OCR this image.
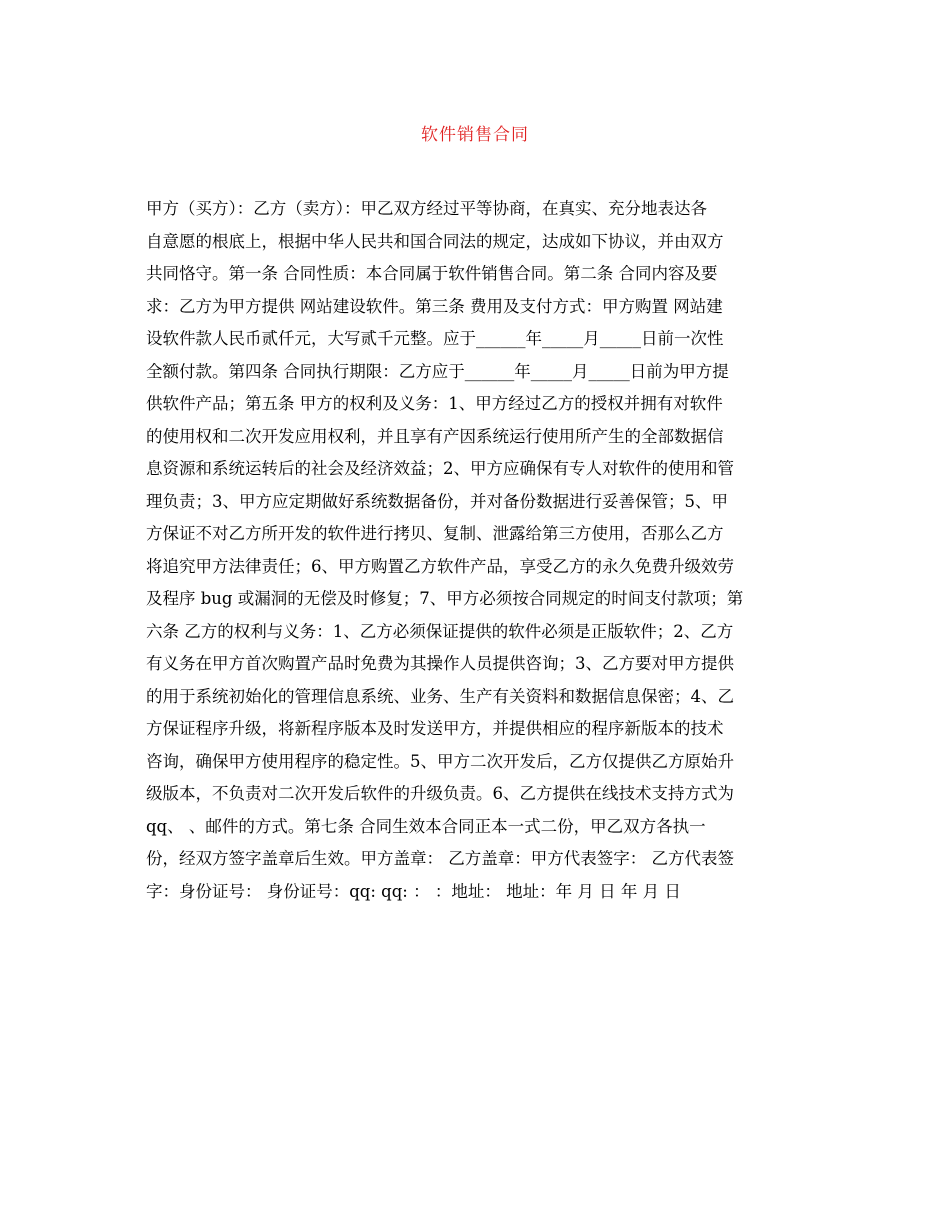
软件销售合同
甲方（买方）：乙方（卖方）：甲乙双方经过平等协商，在真实、充分地表达各
自意愿的根底上，根据中华人民共和国合同法的规定，达成如下协议，并由双方
共同恪守。第一条 合同性质：本合同属于软件销售合同。第二条 合同内容及要
求：乙方为甲方提供 网站建设软件。第三条 费用及支付方式：甲方购置 网站建
设软件款人民币贰仟元，大写贰千元整。应于______年_____月_____日前一次性
全额付款。第四条 合同执行期限：乙方应于______年_____月_____日前为甲方提
供软件产品；第五条 甲方的权利及义务：1、甲方经过乙方的授权并拥有对软件
的使用权和二次开发应用权利，并且享有产因系统运行使用所产生的全部数据信
息资源和系统运转后的社会及经济效益；2、甲方应确保有专人对软件的使用和管
理负责；3、甲方应定期做好系统数据备份，并对备份数据进行妥善保管；5、甲
方保证不对乙方所开发的软件进行拷贝、复制、泄露给第三方使用，否那么乙方
将追究甲方法律责任；6、甲方购置乙方软件产品，享受乙方的永久免费升级效劳
及程序 bug 或漏洞的无偿及时修复；7、甲方必须按合同规定的时间支付款项；第
六条 乙方的权利与义务：1、乙方必须保证提供的软件必须是正版软件；2、乙方
有义务在甲方首次购置产品时免费为其操作人员提供咨询；3、乙方要对甲方提供
的用于系统初始化的管理信息系统、业务、生产有关资料和数据信息保密；4、乙
方保证程序升级，将新程序版本及时发送甲方，并提供相应的程序新版本的技术
咨询，确保甲方使用程序的稳定性。5、甲方二次开发后，乙方仅提供乙方原始升
级版本，不负责对二次开发后软件的升级负责。6、乙方提供在线技术支持方式为
qq、 、邮件的方式。第七条 合同生效本合同正本一式二份，甲乙双方各执一
份，经双方签字盖章后生效。甲方盖章： 乙方盖章：甲方代表签字： 乙方代表签
字：身份证号： 身份证号：qq: qq: ： ：地址： 地址：年 月 日 年 月 日
